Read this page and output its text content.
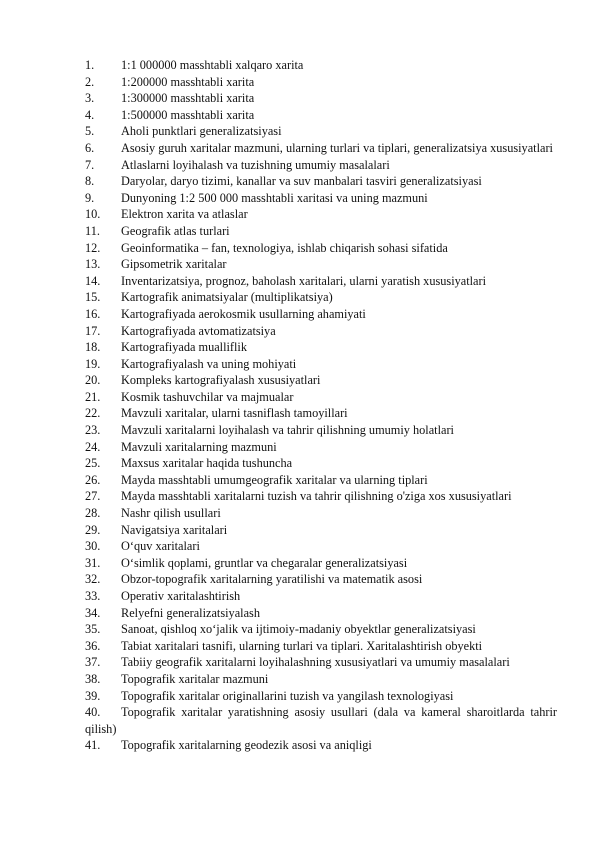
1. 1:1 000000 masshtabli xalqaro xarita
2. 1:200000 masshtabli xarita
3. 1:300000 masshtabli xarita
4. 1:500000 masshtabli xarita
5. Aholi punktlari generalizatsiyasi
6. Asosiy guruh xaritalar mazmuni, ularning turlari va tiplari, generalizatsiya xususiyatlari
7. Atlaslarni loyihalash va tuzishning umumiy masalalari
8. Daryolar, daryo tizimi, kanallar va suv manbalari tasviri generalizatsiyasi
9. Dunyoning 1:2 500 000 masshtabli xaritasi va uning mazmuni
10. Elektron xarita va atlaslar
11. Geografik atlas turlari
12. Geoinformatika – fan, texnologiya, ishlab chiqarish sohasi sifatida
13. Gipsometrik xaritalar
14. Inventarizatsiya, prognoz, baholash xaritalari, ularni yaratish xususiyatlari
15. Kartografik animatsiyalar (multiplikatsiya)
16. Kartografiyada aerokosmik usullarning ahamiyati
17. Kartografiyada avtomatizatsiya
18. Kartografiyada mualliflik
19. Kartografiyalash va uning mohiyati
20. Kompleks kartografiyalash xususiyatlari
21. Kosmik tashuvchilar va majmualar
22. Mavzuli xaritalar, ularni tasniflash tamoyillari
23. Mavzuli xaritalarni loyihalash va tahrir qilishning umumiy holatlari
24. Mavzuli xaritalarning mazmuni
25. Maxsus xaritalar haqida tushuncha
26. Mayda masshtabli umumgeografik xaritalar va ularning tiplari
27. Mayda masshtabli xaritalarni tuzish va tahrir qilishning o'ziga xos xususiyatlari
28. Nashr qilish usullari
29. Navigatsiya xaritalari
30. O‘quv xaritalari
31. O‘simlik qoplami, gruntlar va chegaralar generalizatsiyasi
32. Obzor-topografik xaritalarning yaratilishi va matematik asosi
33. Operativ xaritalashtirish
34. Relyefni generalizatsiyalash
35. Sanoat, qishloq xo‘jalik va ijtimoiy-madaniy obyektlar generalizatsiyasi
36. Tabiat xaritalari tasnifi, ularning turlari va tiplari. Xaritalashtirish obyekti
37. Tabiiy geografik xaritalarni loyihalashning xususiyatlari va umumiy masalalari
38. Topografik xaritalar mazmuni
39. Topografik xaritalar originallarini tuzish va yangilash texnologiyasi
40. Topografik xaritalar yaratishning asosiy usullari (dala va kameral sharoitlarda tahrir qilish)
41. Topografik xaritalarning geodezik asosi va aniqligi
